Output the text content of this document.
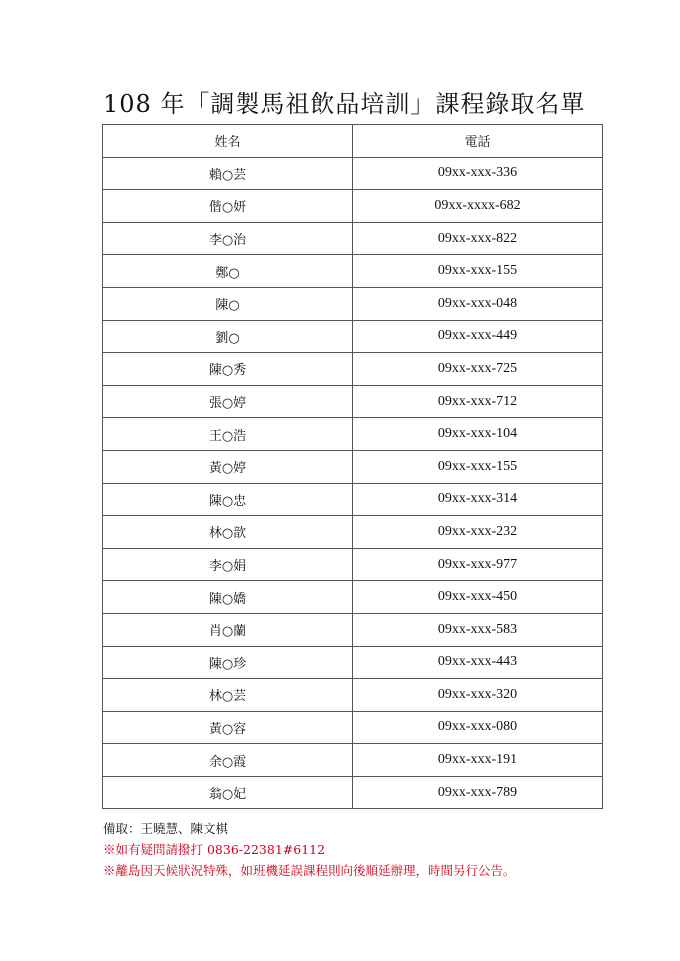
108 年「調製馬祖飲品培訓」課程錄取名單
姓名	電話
賴○芸	09xx-xxx-336
偕○妍	09xx-xxxx-682
李○治	09xx-xxx-822
鄭○	09xx-xxx-155
陳○	09xx-xxx-048
劉○	09xx-xxx-449
陳○秀	09xx-xxx-725
張○婷	09xx-xxx-712
王○浩	09xx-xxx-104
黃○婷	09xx-xxx-155
陳○忠	09xx-xxx-314
林○歆	09xx-xxx-232
李○娟	09xx-xxx-977
陳○嬌	09xx-xxx-450
肖○蘭	09xx-xxx-583
陳○珍	09xx-xxx-443
林○芸	09xx-xxx-320
黃○容	09xx-xxx-080
余○霞	09xx-xxx-191
翁○妃	09xx-xxx-789
備取：王曉慧、陳文棋
※如有疑問請撥打 0836-22381#6112
※離島因天候狀況特殊，如班機延誤課程則向後順延辦理，時間另行公告。
